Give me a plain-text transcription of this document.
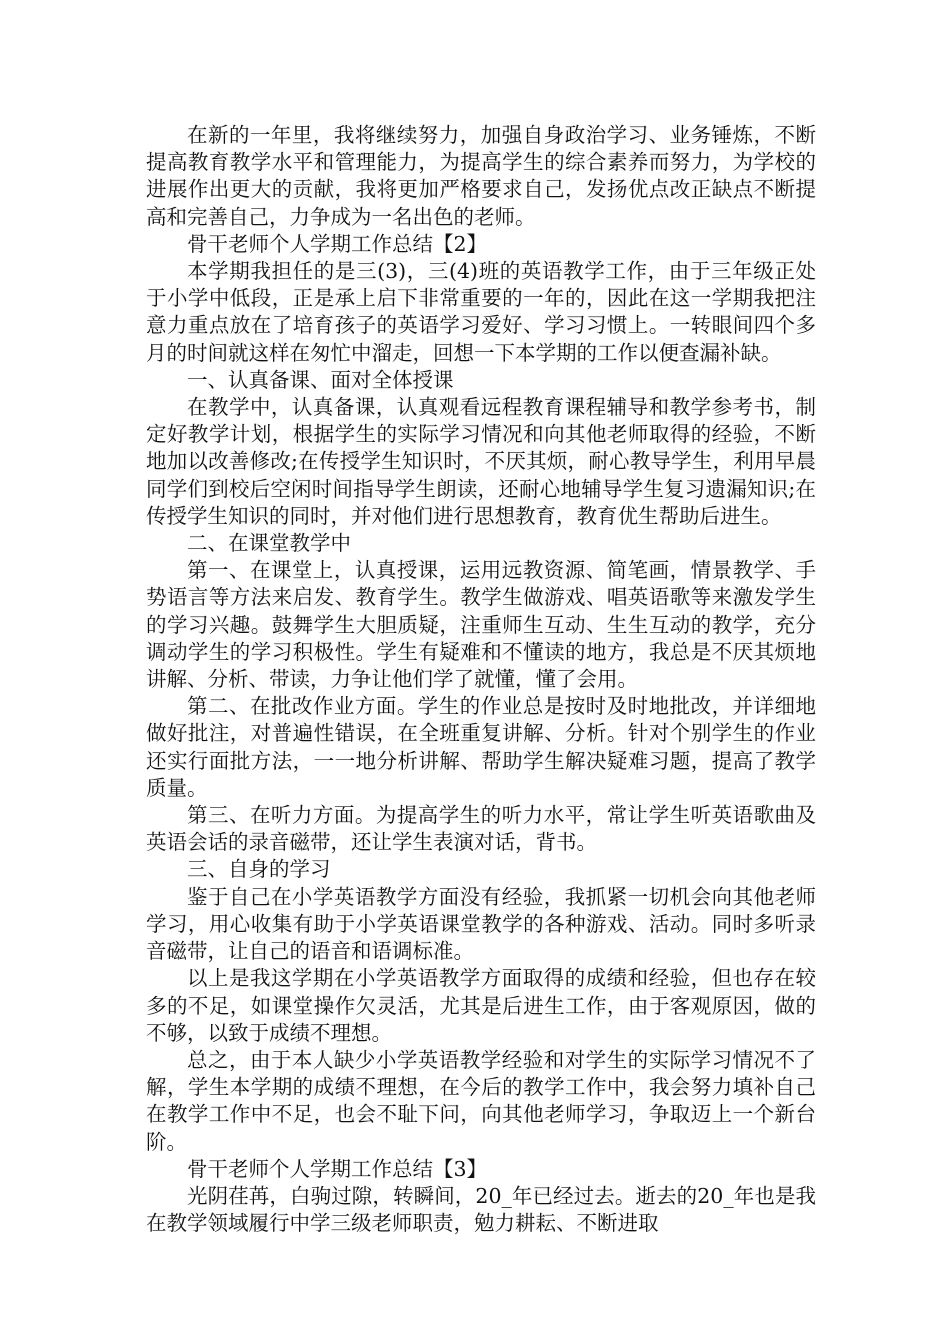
在新的一年里，我将继续努力，加强自身政治学习、业务锤炼，不断提高教育教学水平和管理能力，为提高学生的综合素养而努力，为学校的进展作出更大的贡献，我将更加严格要求自己，发扬优点改正缺点不断提高和完善自己，力争成为一名出色的老师。

骨干老师个人学期工作总结【2】

本学期我担任的是三(3)，三(4)班的英语教学工作，由于三年级正处于小学中低段，正是承上启下非常重要的一年的，因此在这一学期我把注意力重点放在了培育孩子的英语学习爱好、学习习惯上。一转眼间四个多月的时间就这样在匆忙中溜走，回想一下本学期的工作以便查漏补缺。

一、认真备课、面对全体授课

在教学中，认真备课，认真观看远程教育课程辅导和教学参考书，制定好教学计划，根据学生的实际学习情况和向其他老师取得的经验，不断地加以改善修改;在传授学生知识时，不厌其烦，耐心教导学生，利用早晨同学们到校后空闲时间指导学生朗读，还耐心地辅导学生复习遗漏知识;在传授学生知识的同时，并对他们进行思想教育，教育优生帮助后进生。

二、在课堂教学中

第一、在课堂上，认真授课，运用远教资源、简笔画，情景教学、手势语言等方法来启发、教育学生。教学生做游戏、唱英语歌等来激发学生的学习兴趣。鼓舞学生大胆质疑，注重师生互动、生生互动的教学，充分调动学生的学习积极性。学生有疑难和不懂读的地方，我总是不厌其烦地讲解、分析、带读，力争让他们学了就懂，懂了会用。

第二、在批改作业方面。学生的作业总是按时及时地批改，并详细地做好批注，对普遍性错误，在全班重复讲解、分析。针对个别学生的作业还实行面批方法，一一地分析讲解、帮助学生解决疑难习题，提高了教学质量。

第三、在听力方面。为提高学生的听力水平，常让学生听英语歌曲及英语会话的录音磁带，还让学生表演对话，背书。

三、自身的学习

鉴于自己在小学英语教学方面没有经验，我抓紧一切机会向其他老师学习，用心收集有助于小学英语课堂教学的各种游戏、活动。同时多听录音磁带，让自己的语音和语调标准。

以上是我这学期在小学英语教学方面取得的成绩和经验，但也存在较多的不足，如课堂操作欠灵活，尤其是后进生工作，由于客观原因，做的不够，以致于成绩不理想。

总之，由于本人缺少小学英语教学经验和对学生的实际学习情况不了解，学生本学期的成绩不理想，在今后的教学工作中，我会努力填补自己在教学工作中不足，也会不耻下问，向其他老师学习，争取迈上一个新台阶。

骨干老师个人学期工作总结【3】

光阴荏苒，白驹过隙，转瞬间，20_年已经过去。逝去的20_年也是我在教学领域履行中学三级老师职责，勉力耕耘、不断进取
